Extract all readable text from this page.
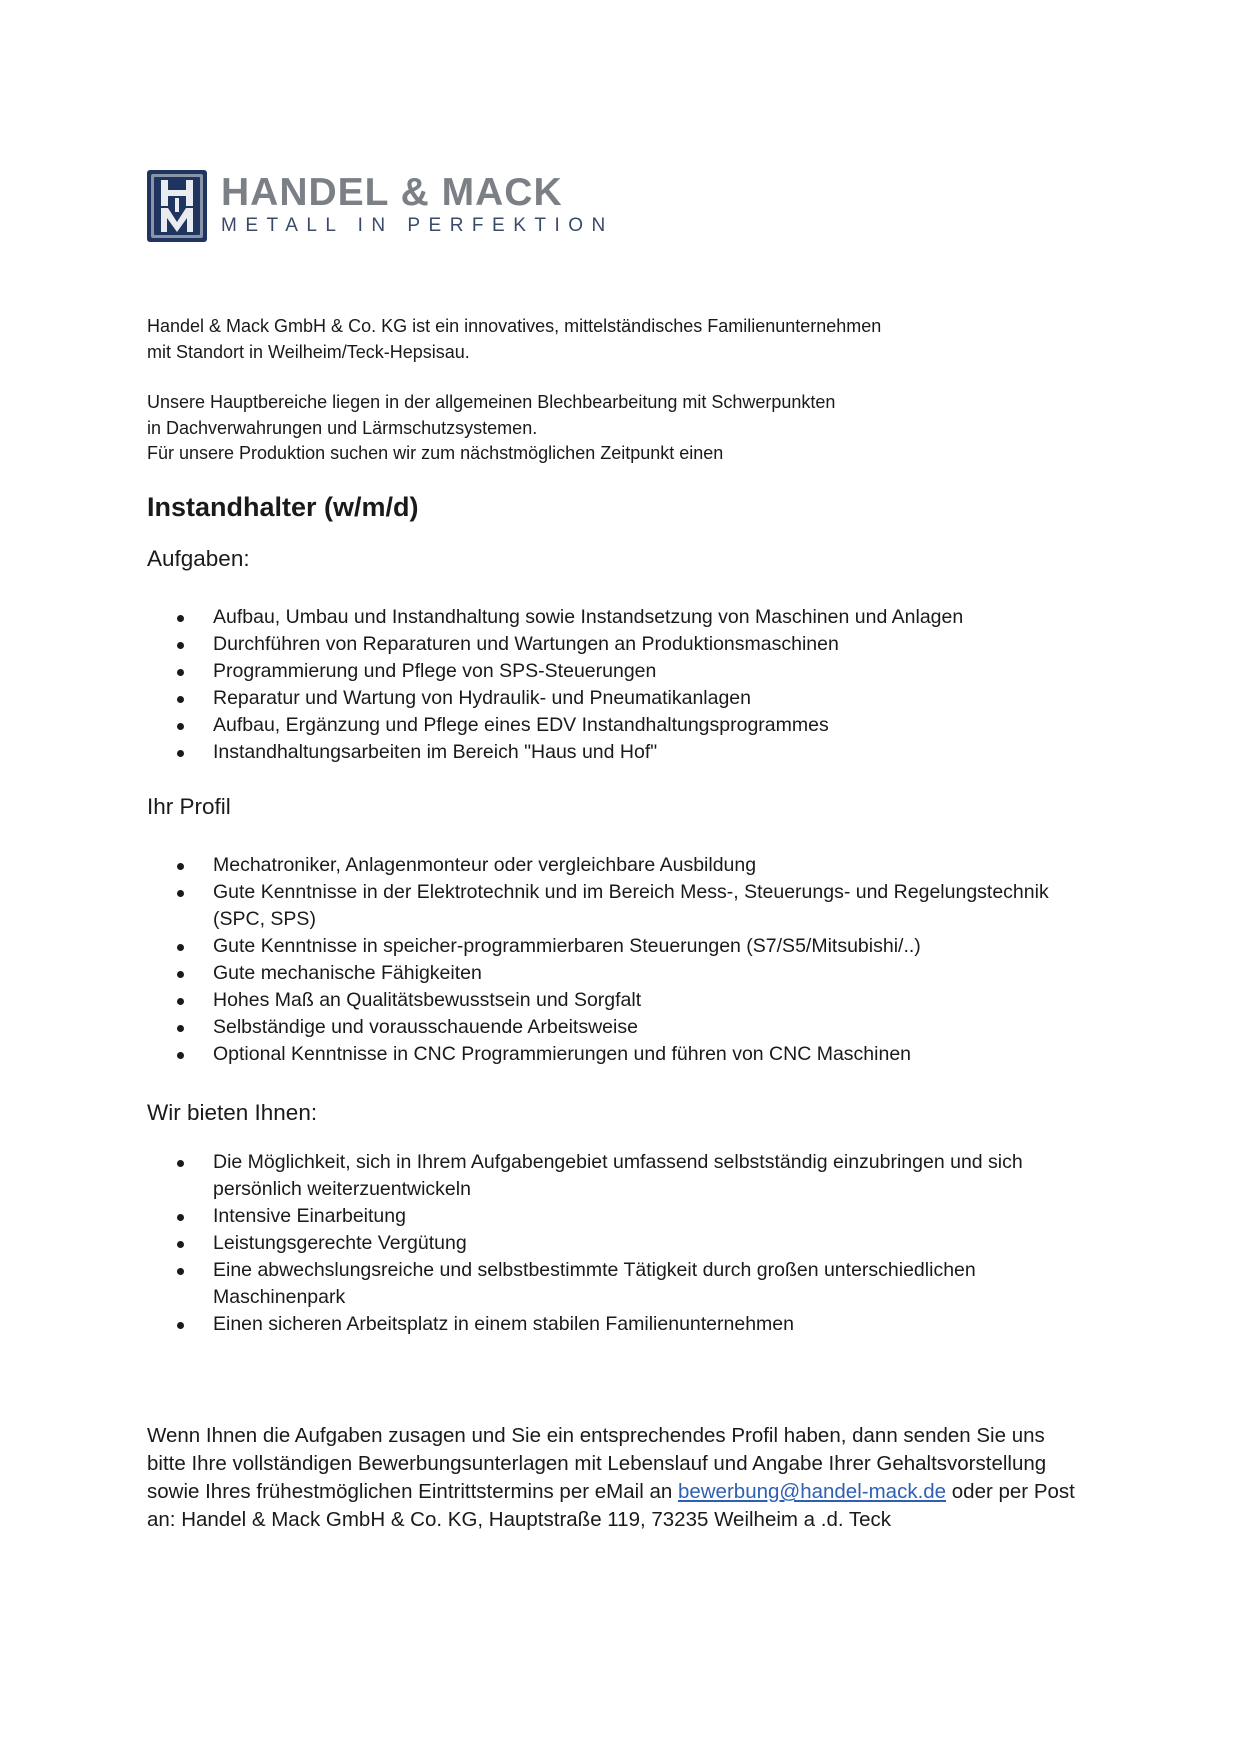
HANDEL & MACK
METALL IN PERFEKTION

Handel & Mack GmbH & Co. KG ist ein innovatives, mittelständisches Familienunternehmen

mit Standort in Weilheim/Teck-Hepsisau.

Unsere Hauptbereiche liegen in der allgemeinen Blechbearbeitung mit Schwerpunkten

in Dachverwahrungen und Lärmschutzsystemen.

Für unsere Produktion suchen wir zum nächstmöglichen Zeitpunkt einen

Instandhalter (w/m/d)
Aufgaben:
Aufbau, Umbau und Instandhaltung sowie Instandsetzung von Maschinen und Anlagen
Durchführen von Reparaturen und Wartungen an Produktionsmaschinen
Programmierung und Pflege von SPS-Steuerungen
Reparatur und Wartung von Hydraulik- und Pneumatikanlagen
Aufbau, Ergänzung und Pflege eines EDV Instandhaltungsprogrammes
Instandhaltungsarbeiten im Bereich "Haus und Hof"
Ihr Profil
Mechatroniker, Anlagenmonteur oder vergleichbare Ausbildung
Gute Kenntnisse in der Elektrotechnik und im Bereich Mess-, Steuerungs- und Regelungstechnik (SPC, SPS)
Gute Kenntnisse in speicher-programmierbaren Steuerungen (S7/S5/Mitsubishi/..)
Gute mechanische Fähigkeiten
Hohes Maß an Qualitätsbewusstsein und Sorgfalt
Selbständige und vorausschauende Arbeitsweise
Optional Kenntnisse in CNC Programmierungen und führen von CNC Maschinen
Wir bieten Ihnen:
Die Möglichkeit, sich in Ihrem Aufgabengebiet umfassend selbstständig einzubringen und sich persönlich weiterzuentwickeln
Intensive Einarbeitung
Leistungsgerechte Vergütung
Eine abwechslungsreiche und selbstbestimmte Tätigkeit durch großen unterschiedlichen Maschinenpark
Einen sicheren Arbeitsplatz in einem stabilen Familienunternehmen
Wenn Ihnen die Aufgaben zusagen und Sie ein entsprechendes Profil haben, dann senden Sie uns bitte Ihre vollständigen Bewerbungsunterlagen mit Lebenslauf und Angabe Ihrer Gehaltsvorstellung sowie Ihres frühestmöglichen Eintrittstermins per eMail an bewerbung@handel-mack.de oder per Post an: Handel & Mack GmbH & Co. KG, Hauptstraße 119, 73235 Weilheim a .d. Teck
